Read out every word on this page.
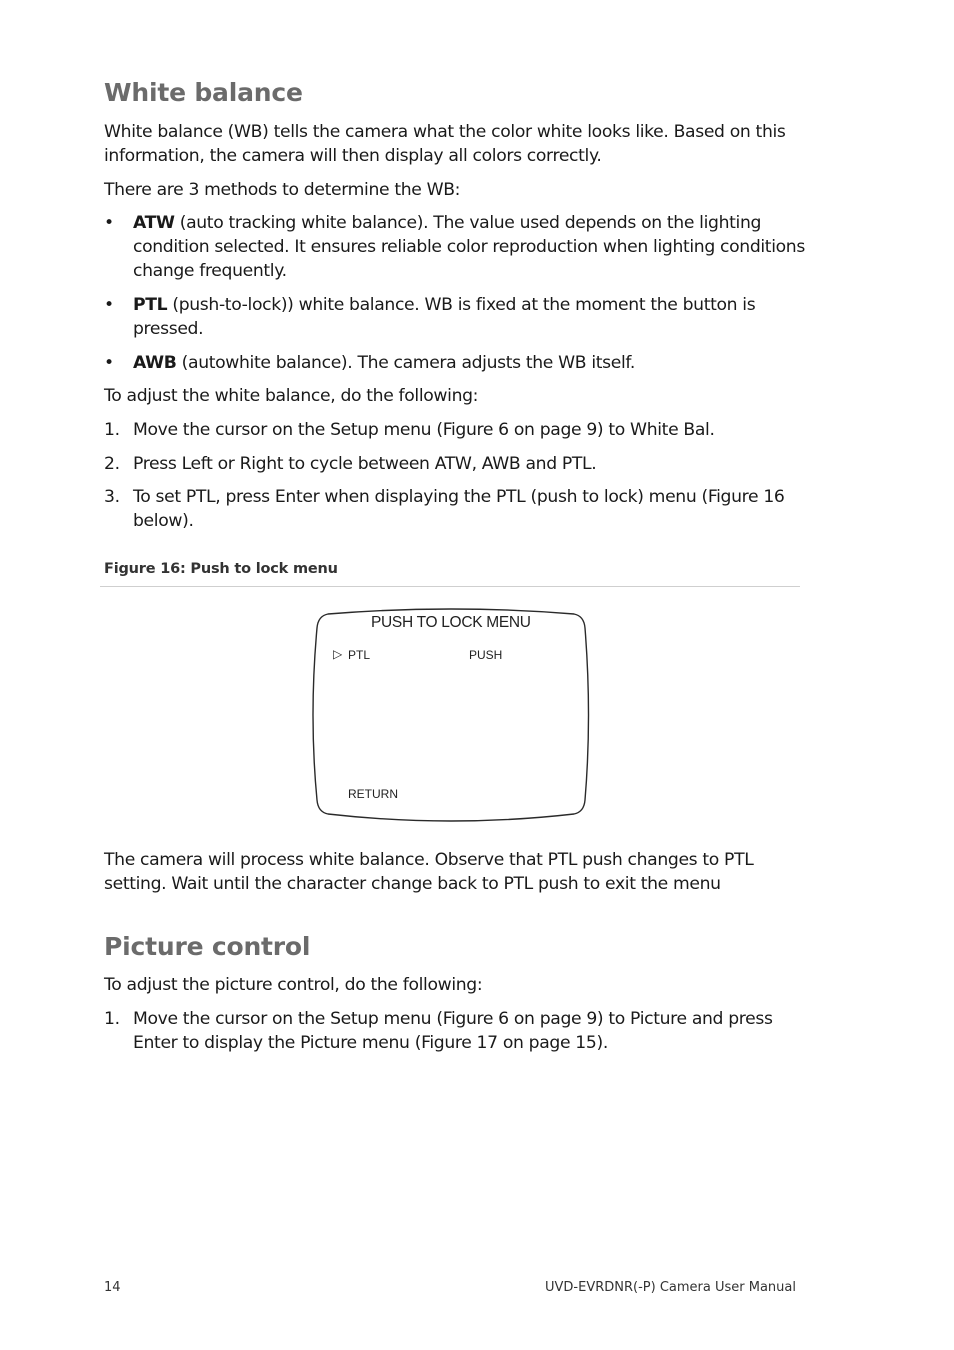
White balance

White balance (WB) tells the camera what the color white looks like. Based on this
information, the camera will then display all colors correctly.

There are 3 methods to determine the WB:

•	ATW (auto tracking white balance). The value used depends on the lighting
condition selected. It ensures reliable color reproduction when lighting conditions
change frequently.
•	PTL (push-to-lock)) white balance. WB is fixed at the moment the button is
pressed.
•	AWB (autowhite balance). The camera adjusts the WB itself.

To adjust the white balance, do the following:

1. Move the cursor on the Setup menu (Figure 6 on page 9) to White Bal.
2. Press Left or Right to cycle between ATW, AWB and PTL.
3. To set PTL, press Enter when displaying the PTL (push to lock) menu (Figure 16
below).

Figure 16: Push to lock menu

PUSH TO LOCK MENU
▷ PTL	PUSH
RETURN

The camera will process white balance. Observe that PTL push changes to PTL
setting. Wait until the character change back to PTL push to exit the menu

Picture control

To adjust the picture control, do the following:

1. Move the cursor on the Setup menu (Figure 6 on page 9) to Picture and press
Enter to display the Picture menu (Figure 17 on page 15).
14	UVD-EVRDNR(-P) Camera User Manual
